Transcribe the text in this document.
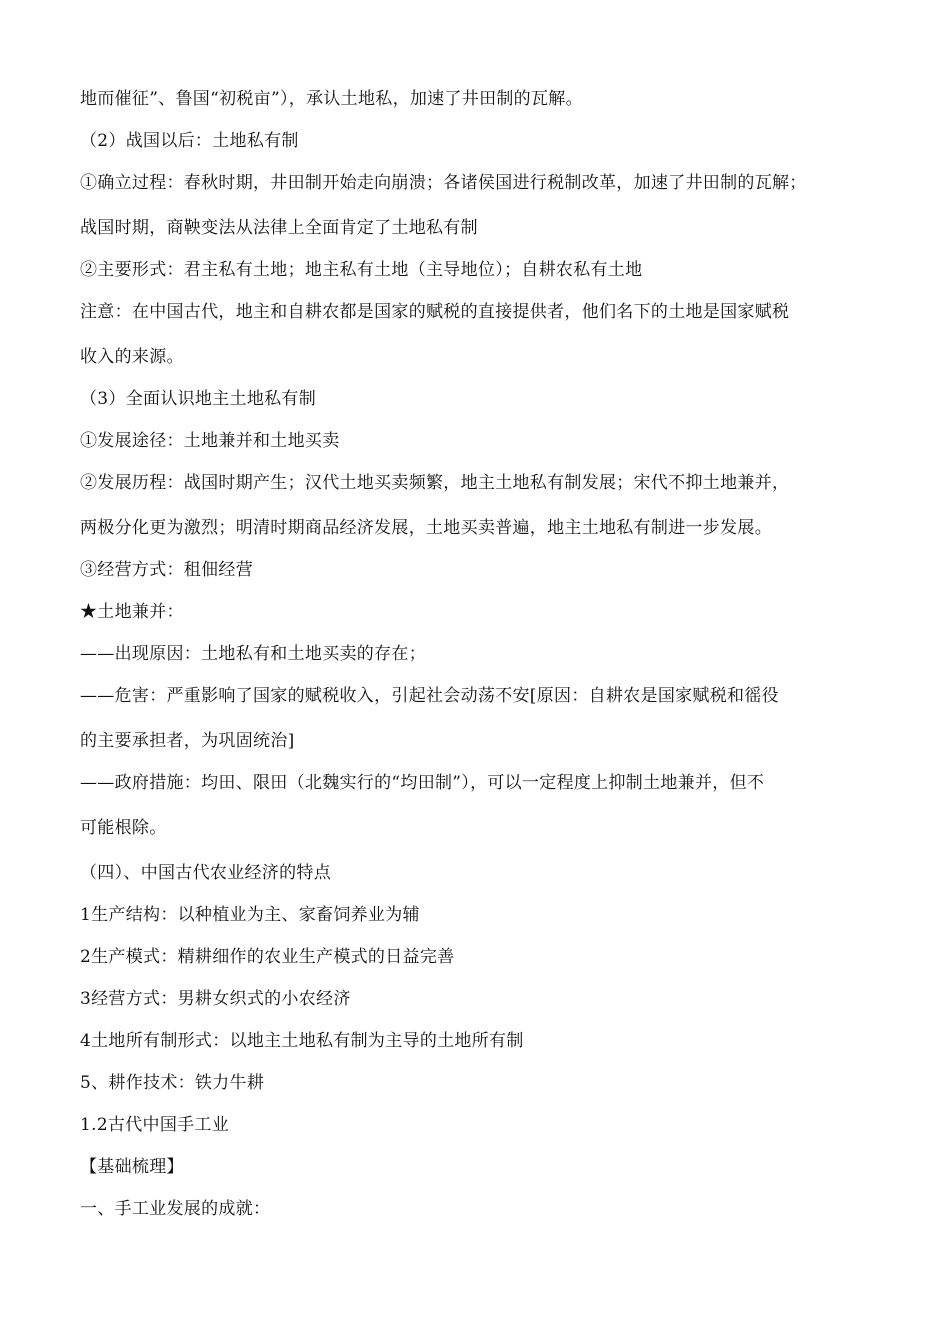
地而催征”、鲁国“初税亩”），承认土地私，加速了井田制的瓦解。
（2）战国以后：土地私有制
①确立过程：春秋时期，井田制开始走向崩溃；各诸侯国进行税制改革，加速了井田制的瓦解；
战国时期，商鞅变法从法律上全面肯定了土地私有制
②主要形式：君主私有土地；地主私有土地（主导地位）；自耕农私有土地
注意：在中国古代，地主和自耕农都是国家的赋税的直接提供者，他们名下的土地是国家赋税
收入的来源。
（3）全面认识地主土地私有制
①发展途径：土地兼并和土地买卖
②发展历程：战国时期产生；汉代土地买卖频繁，地主土地私有制发展；宋代不抑土地兼并，
两极分化更为激烈；明清时期商品经济发展，土地买卖普遍，地主土地私有制进一步发展。
③经营方式：租佃经营
★土地兼并：
——出现原因：土地私有和土地买卖的存在；
——危害：严重影响了国家的赋税收入，引起社会动荡不安[原因：自耕农是国家赋税和徭役
的主要承担者，为巩固统治]
——政府措施：均田、限田（北魏实行的“均田制”），可以一定程度上抑制土地兼并，但不
可能根除。
（四）、中国古代农业经济的特点
1生产结构：以种植业为主、家畜饲养业为辅
2生产模式：精耕细作的农业生产模式的日益完善
3经营方式：男耕女织式的小农经济
4土地所有制形式：以地主土地私有制为主导的土地所有制
5、耕作技术：铁力牛耕
1.2古代中国手工业
【基础梳理】
一、手工业发展的成就：
